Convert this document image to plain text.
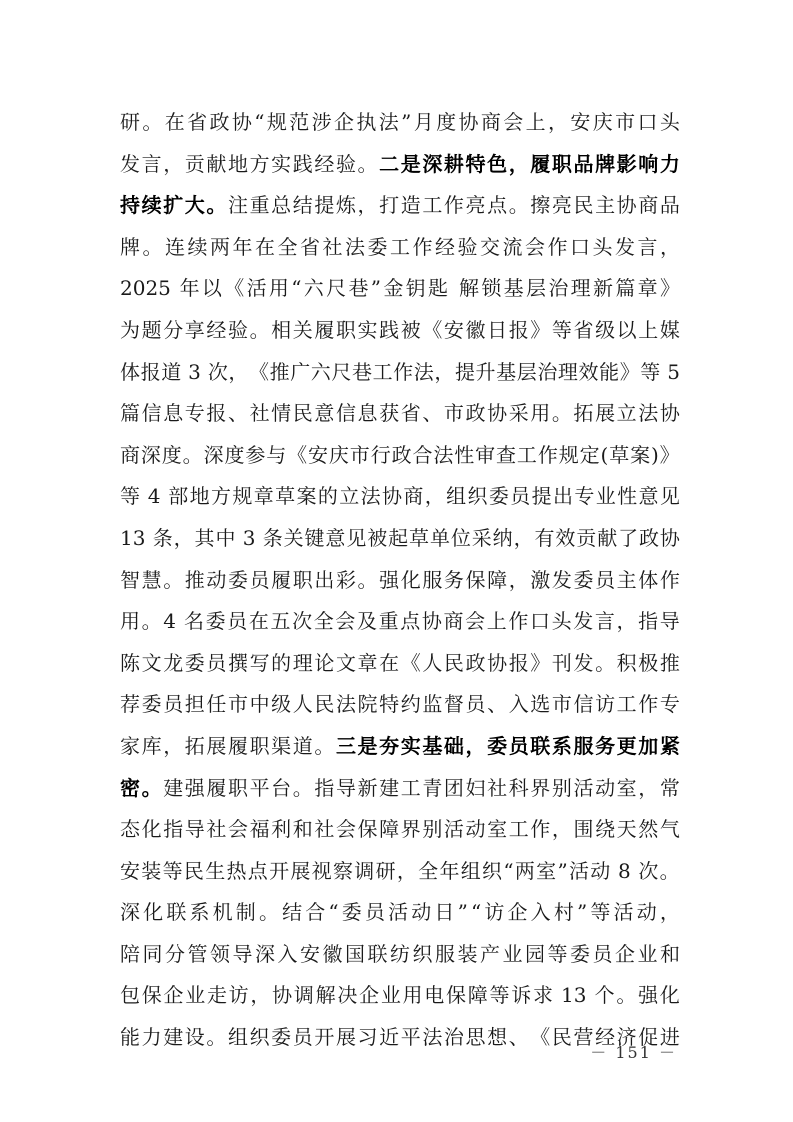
研 。 在 省 政 协 “ 规 范 涉 企 执 法 ” 月 度 协 商 会 上 ， 安 庆 市 口 头
发 言 ， 贡 献 地 方 实 践 经 验 。 二 是 深 耕 特 色 ， 履 职 品 牌 影 响 力
持 续 扩 大 。 注 重 总 结 提 炼 ， 打 造 工 作 亮 点 。 擦 亮 民 主 协 商 品
牌 。 连 续 两 年 在 全 省 社 法 委 工 作 经 验 交 流 会 作 口 头 发 言 ，
2025 年 以 《 活 用 “ 六 尺 巷 ” 金 钥 匙
解 锁 基 层 治 理 新 篇 章 》
为 题 分 享 经 验 。 相 关 履 职 实 践 被 《 安 徽 日 报 》 等 省 级 以 上 媒
体 报 道 3 次 ， 《 推 广 六 尺 巷 工 作 法 ， 提 升 基 层 治 理 效 能 》 等 5
篇 信 息 专 报 、 社 情 民 意 信 息 获 省 、 市 政 协 采 用 。 拓 展 立 法 协
商 深 度 。 深 度 参 与 《 安 庆 市 行 政 合 法 性 审 查 工 作 规 定 ( 草 案 ) 》
等 4 部 地 方 规 章 草 案 的 立 法 协 商 ， 组 织 委 员 提 出 专 业 性 意 见
13 条 ， 其 中 3 条 关 键 意 见 被 起 草 单 位 采 纳 ， 有 效 贡 献 了 政 协
智 慧 。 推 动 委 员 履 职 出 彩 。 强 化 服 务 保 障 ， 激 发 委 员 主 体 作
用 。 4 名 委 员 在 五 次 全 会 及 重 点 协 商 会 上 作 口 头 发 言 ， 指 导
陈 文 龙 委 员 撰 写 的 理 论 文 章 在 《 人 民 政 协 报 》 刊 发 。 积 极 推
荐 委 员 担 任 市 中 级 人 民 法 院 特 约 监 督 员 、 入 选 市 信 访 工 作 专
家 库 ， 拓 展 履 职 渠 道 。 三 是 夯 实 基 础 ， 委 员 联 系 服 务 更 加 紧
密 。 建 强 履 职 平 台 。 指 导 新 建 工 青 团 妇 社 科 界 别 活 动 室 ， 常
态 化 指 导 社 会 福 利 和 社 会 保 障 界 别 活 动 室 工 作 ， 围 绕 天 然 气
安 装 等 民 生 热 点 开 展 视 察 调 研 ， 全 年 组 织 “ 两 室 ” 活 动 8 次 。
深 化 联 系 机 制 。 结 合 “ 委 员 活 动 日 ” “ 访 企 入 村 ” 等 活 动 ，
陪 同 分 管 领 导 深 入 安 徽 国 联 纺 织 服 装 产 业 园 等 委 员 企 业 和
包 保 企 业 走 访 ， 协 调 解 决 企 业 用 电 保 障 等 诉 求 13 个 。 强 化
能 力 建 设 。 组 织 委 员 开 展 习 近 平 法 治 思 想 、 《 民 营 经 济 促 进
－ 151 －
